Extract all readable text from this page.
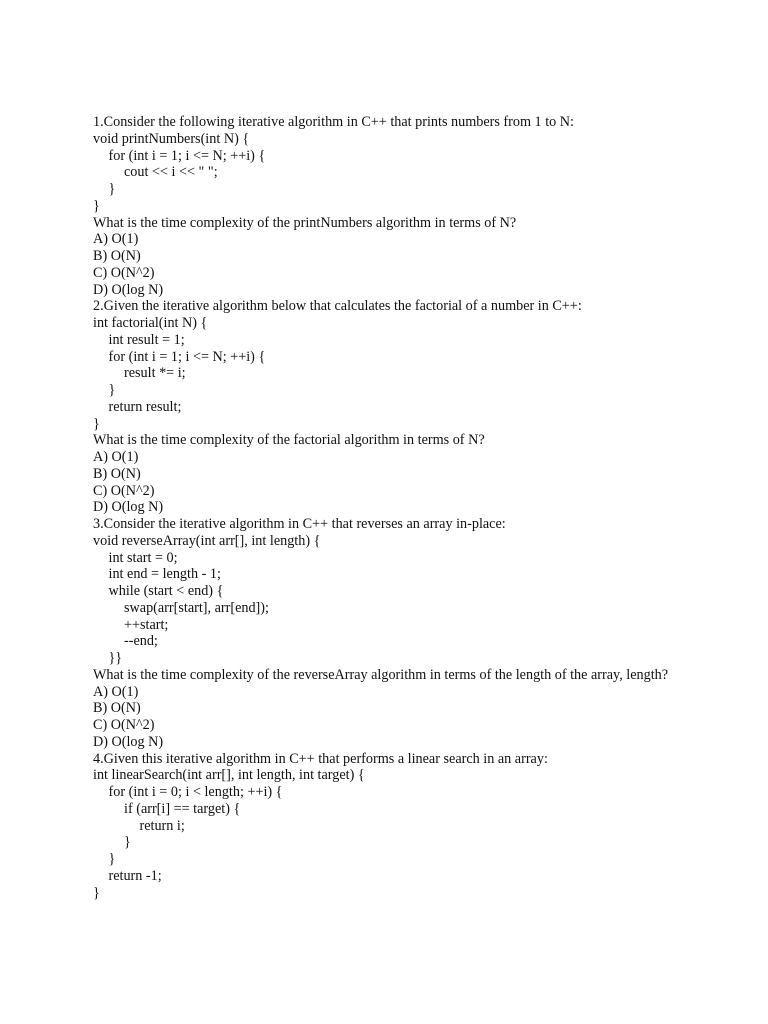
1.Consider the following iterative algorithm in C++ that prints numbers from 1 to N:
void printNumbers(int N) {
for (int i = 1; i <= N; ++i) {
cout << i << " ";
}
}
What is the time complexity of the printNumbers algorithm in terms of N?
A) O(1)
B) O(N)
C) O(N^2)
D) O(log N)
2.Given the iterative algorithm below that calculates the factorial of a number in C++:
int factorial(int N) {
int result = 1;
for (int i = 1; i <= N; ++i) {
result *= i;
}
return result;
}
What is the time complexity of the factorial algorithm in terms of N?
A) O(1)
B) O(N)
C) O(N^2)
D) O(log N)
3.Consider the iterative algorithm in C++ that reverses an array in-place:
void reverseArray(int arr[], int length) {
int start = 0;
int end = length - 1;
while (start < end) {
swap(arr[start], arr[end]);
++start;
--end;
}}
What is the time complexity of the reverseArray algorithm in terms of the length of the array, length?
A) O(1)
B) O(N)
C) O(N^2)
D) O(log N)
4.Given this iterative algorithm in C++ that performs a linear search in an array:
int linearSearch(int arr[], int length, int target) {
for (int i = 0; i < length; ++i) {
if (arr[i] == target) {
return i;
}
}
return -1;
}
